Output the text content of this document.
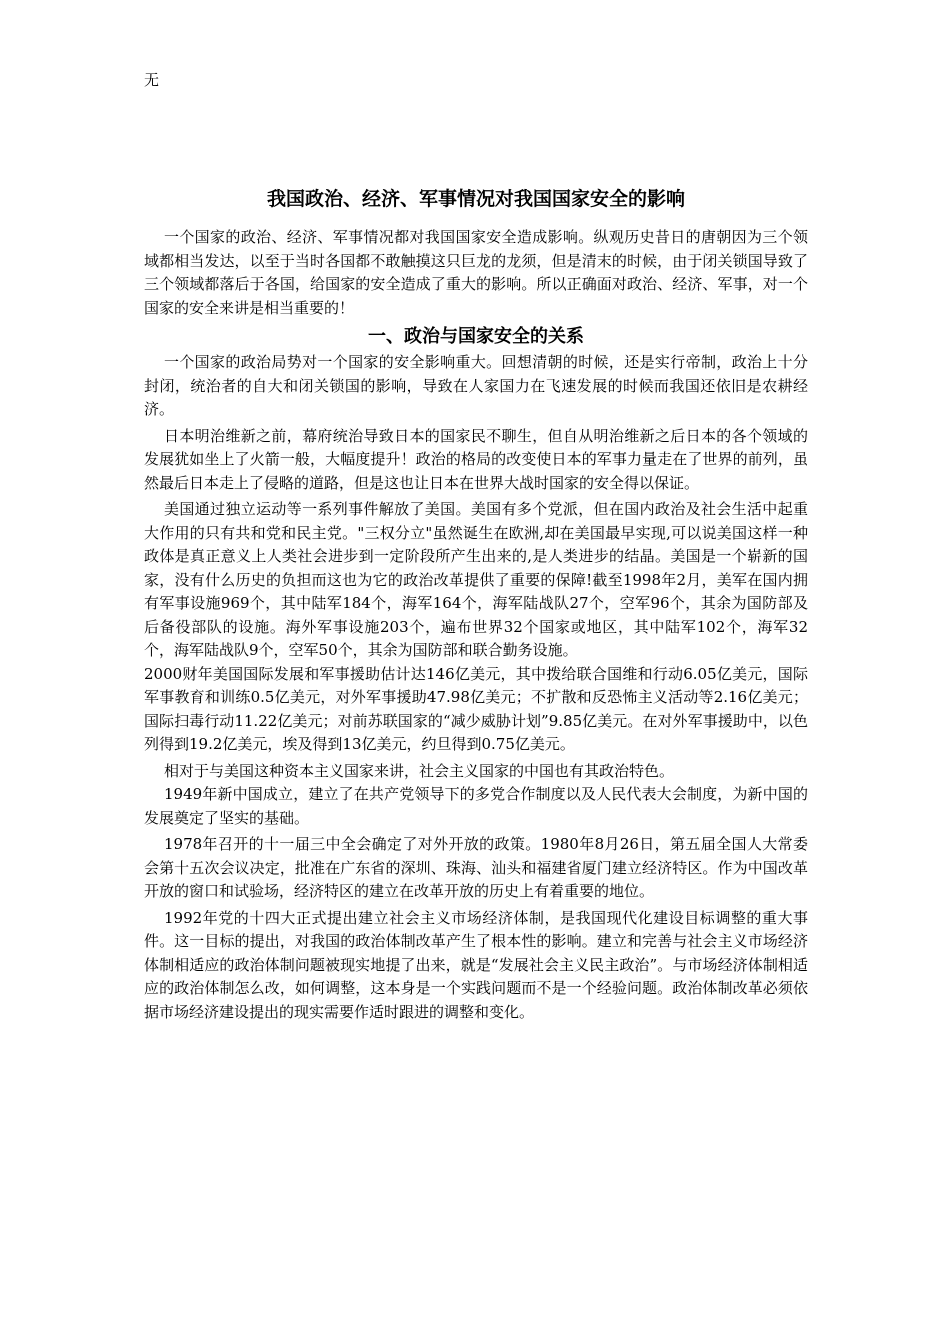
无
我国政治、经济、军事情况对我国国家安全的影响

一个国家的政治、经济、军事情况都对我国国家安全造成影响。纵观历史昔日的唐朝因为三个领域都相当发达，以至于当时各国都不敢触摸这只巨龙的龙须，但是清末的时候，由于闭关锁国导致了三个领域都落后于各国，给国家的安全造成了重大的影响。所以正确面对政治、经济、军事，对一个国家的安全来讲是相当重要的！

一、政治与国家安全的关系

一个国家的政治局势对一个国家的安全影响重大。回想清朝的时候，还是实行帝制，政治上十分封闭，统治者的自大和闭关锁国的影响，导致在人家国力在飞速发展的时候而我国还依旧是农耕经济。

日本明治维新之前，幕府统治导致日本的国家民不聊生，但自从明治维新之后日本的各个领域的发展犹如坐上了火箭一般，大幅度提升！政治的格局的改变使日本的军事力量走在了世界的前列，虽然最后日本走上了侵略的道路，但是这也让日本在世界大战时国家的安全得以保证。

美国通过独立运动等一系列事件解放了美国。美国有多个党派，但在国内政治及社会生活中起重大作用的只有共和党和民主党。"三权分立"虽然诞生在欧洲,却在美国最早实现,可以说美国这样一种政体是真正意义上人类社会进步到一定阶段所产生出来的,是人类进步的结晶。美国是一个崭新的国家，没有什么历史的负担而这也为它的政治改革提供了重要的保障!截至1998年2月，美军在国内拥有军事设施969个，其中陆军184个，海军164个，海军陆战队27个，空军96个，其余为国防部及后备役部队的设施。海外军事设施203个，遍布世界32个国家或地区，其中陆军102个，海军32个，海军陆战队9个，空军50个，其余为国防部和联合勤务设施。

2000财年美国国际发展和军事援助估计达146亿美元，其中拨给联合国维和行动6.05亿美元，国际军事教育和训练0.5亿美元，对外军事援助47.98亿美元；不扩散和反恐怖主义活动等2.16亿美元；国际扫毒行动11.22亿美元；对前苏联国家的“减少威胁计划”9.85亿美元。在对外军事援助中，以色列得到19.2亿美元，埃及得到13亿美元，约旦得到0.75亿美元。

相对于与美国这种资本主义国家来讲，社会主义国家的中国也有其政治特色。

1949年新中国成立，建立了在共产党领导下的多党合作制度以及人民代表大会制度，为新中国的发展奠定了坚实的基础。

1978年召开的十一届三中全会确定了对外开放的政策。1980年8月26日，第五届全国人大常委会第十五次会议决定，批准在广东省的深圳、珠海、汕头和福建省厦门建立经济特区。作为中国改革开放的窗口和试验场，经济特区的建立在改革开放的历史上有着重要的地位。

1992年党的十四大正式提出建立社会主义市场经济体制，是我国现代化建设目标调整的重大事件。这一目标的提出，对我国的政治体制改革产生了根本性的影响。建立和完善与社会主义市场经济体制相适应的政治体制问题被现实地提了出来，就是“发展社会主义民主政治”。与市场经济体制相适应的政治体制怎么改，如何调整，这本身是一个实践问题而不是一个经验问题。政治体制改革必须依据市场经济建设提出的现实需要作适时跟进的调整和变化。
